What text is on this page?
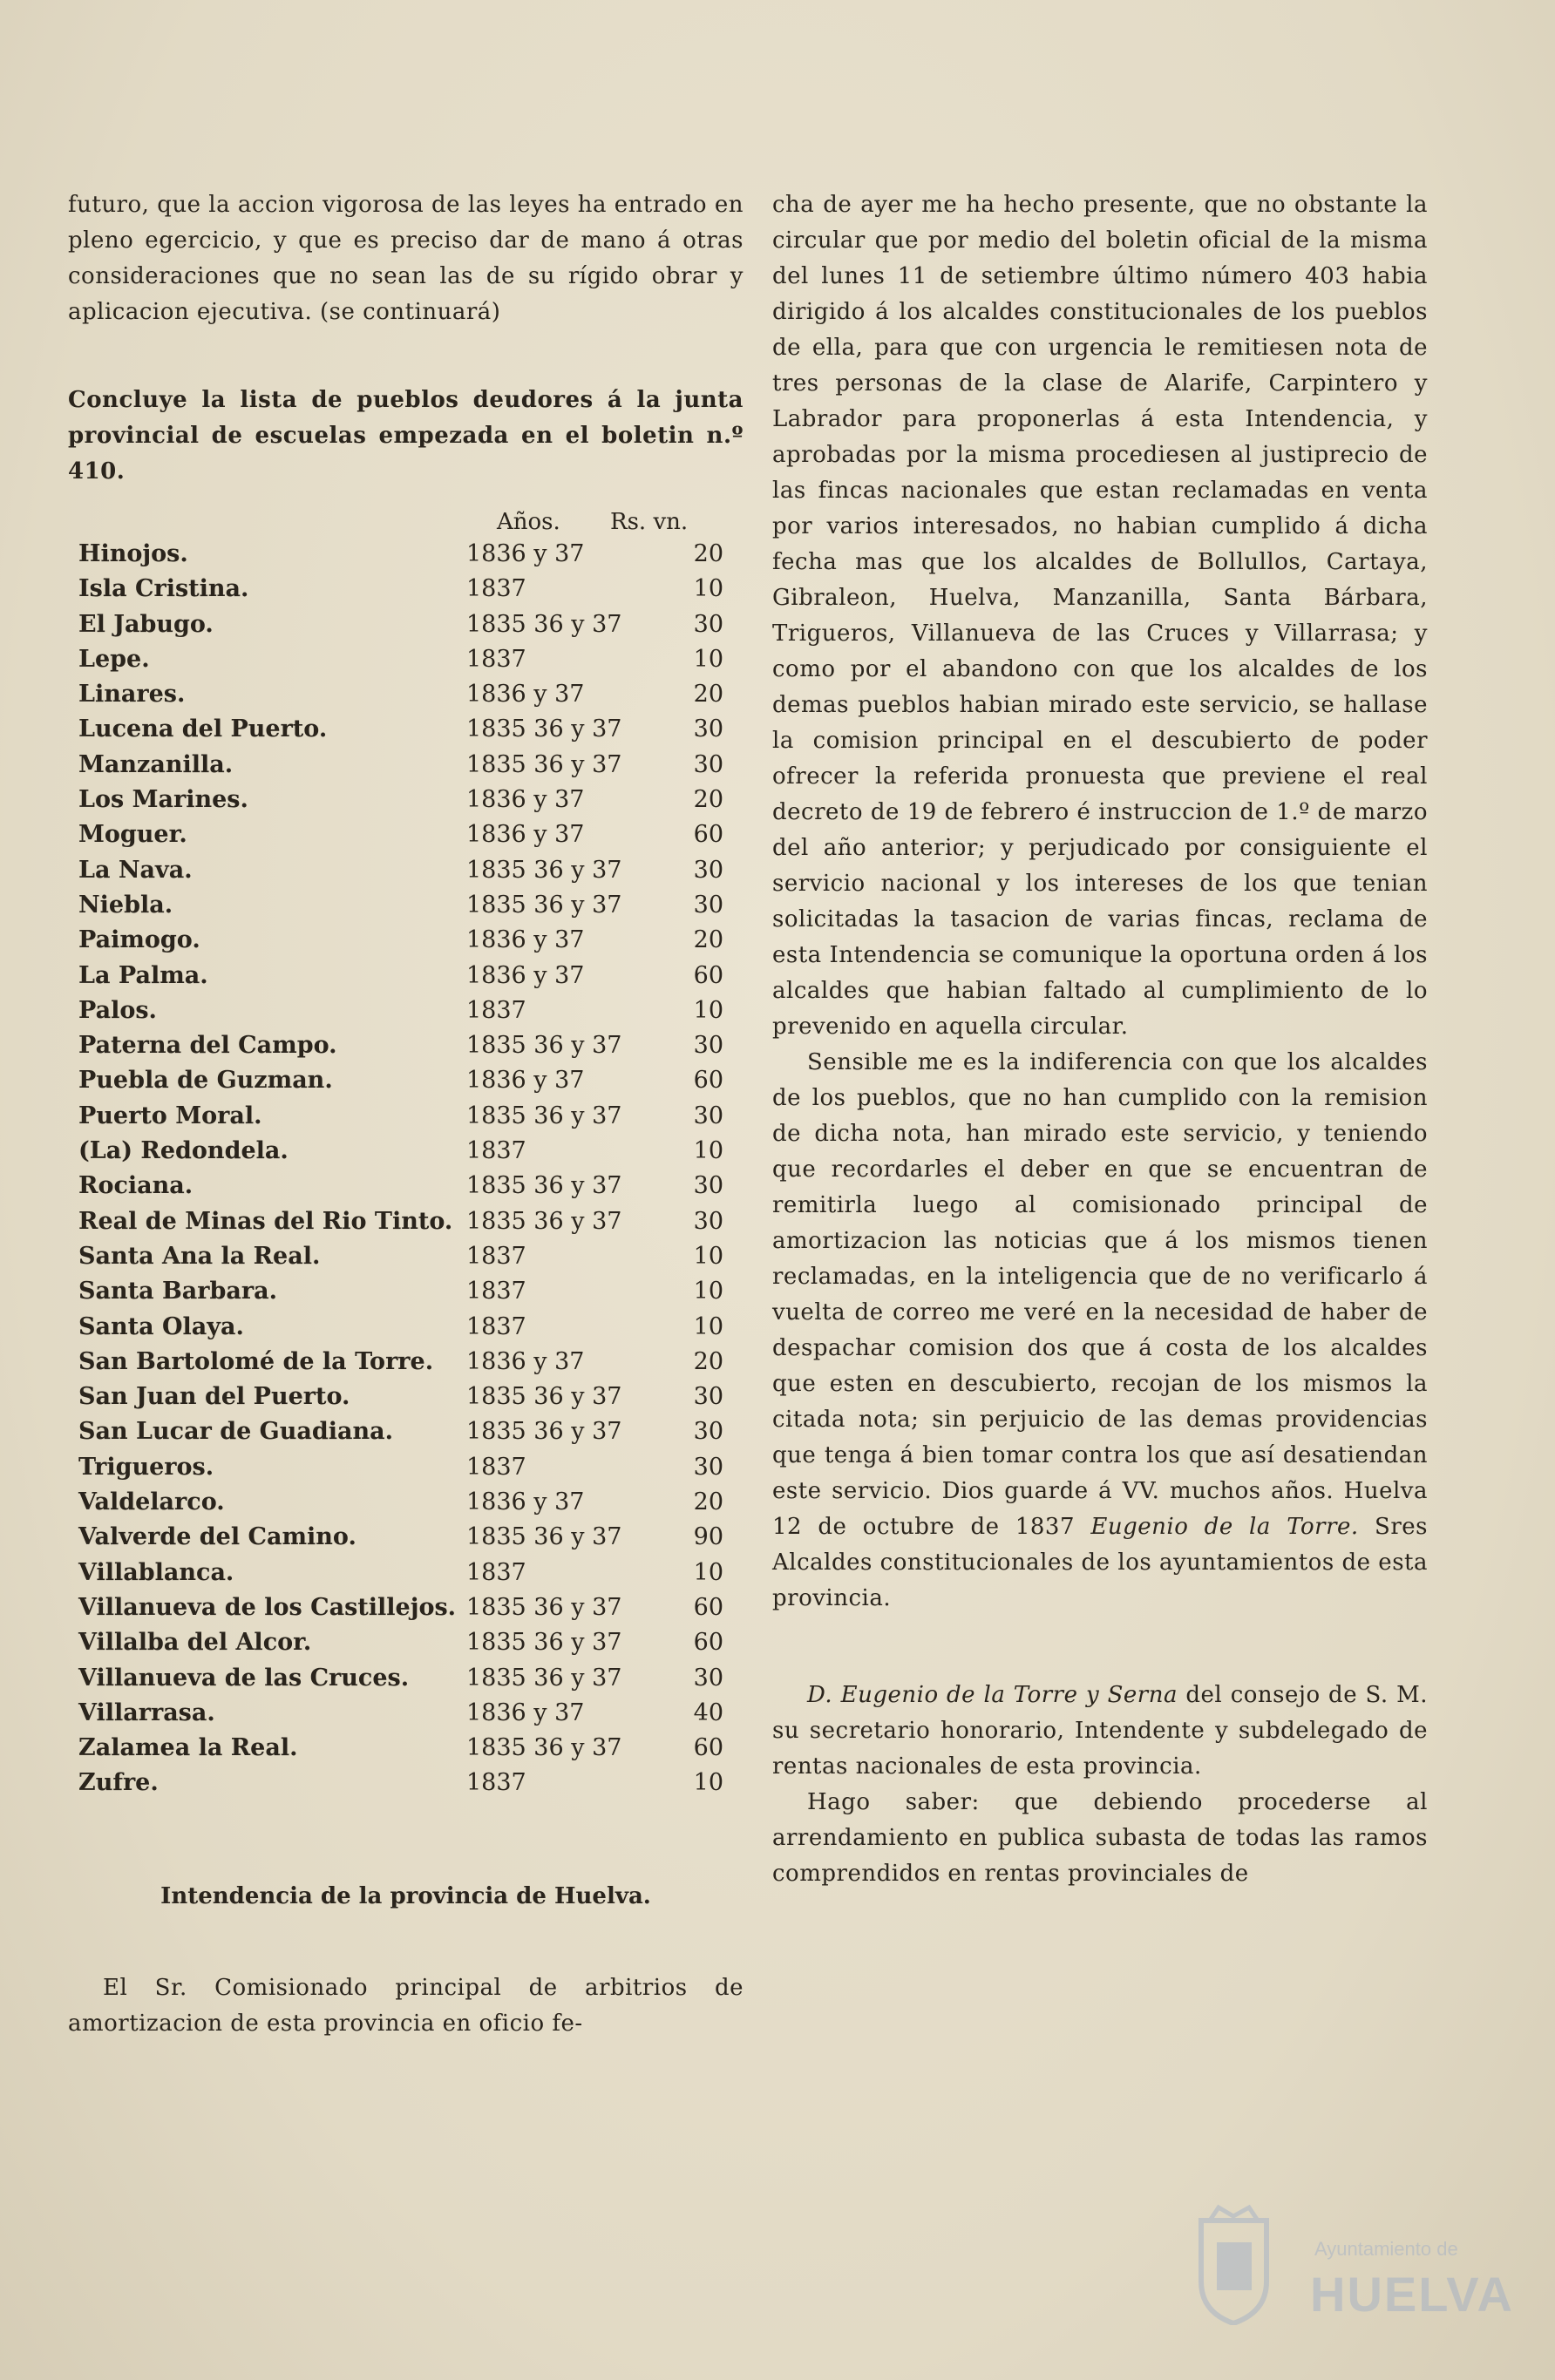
futuro, que la accion vigorosa de las leyes ha entrado en pleno egercicio, y que es preciso dar de mano á otras consideraciones que no sean las de su rígido obrar y aplicacion ejecutiva. (se continuará)

Concluye la lista de pueblos deudores á la junta provincial de escuelas empezada en el boletin n.º 410.

Años. Rs. vn.
Hinojos.	1836 y 37	20
Isla Cristina.	1837	10
El Jabugo.	1835 36 y 37	30
Lepe.	1837	10
Linares.	1836 y 37	20
Lucena del Puerto.	1835 36 y 37	30
Manzanilla.	1835 36 y 37	30
Los Marines.	1836 y 37	20
Moguer.	1836 y 37	60
La Nava.	1835 36 y 37	30
Niebla.	1835 36 y 37	30
Paimogo.	1836 y 37	20
La Palma.	1836 y 37	60
Palos.	1837	10
Paterna del Campo.	1835 36 y 37	30
Puebla de Guzman.	1836 y 37	60
Puerto Moral.	1835 36 y 37	30
(La) Redondela.	1837	10
Rociana.	1835 36 y 37	30
Real de Minas del Rio Tinto. 1835 36 y 37	30
Santa Ana la Real.	1837	10
Santa Barbara.	1837	10
Santa Olaya.	1837	10
San Bartolomé de la Torre. 1836 y 37	20
San Juan del Puerto.	1835 36 y 37	30
San Lucar de Guadiana.	1835 36 y 37	30
Trigueros.	1837	30
Valdelarco.	1836 y 37	20
Valverde del Camino.	1835 36 y 37	90
Villablanca.	1837	10
Villanueva de los Castillejos. 1835 36 y 37	60
Villalba del Alcor.	1835 36 y 37	60
Villanueva de las Cruces. 1835 36 y 37	30
Villarrasa.	1836 y 37	40
Zalamea la Real.	1835 36 y 37	60
Zufre.	1837	10
Intendencia de la provincia de Huelva.

El Sr. Comisionado principal de arbitrios de amortizacion de esta provincia en oficio fe-

cha de ayer me ha hecho presente, que no obstante la circular que por medio del boletin oficial de la misma del lunes 11 de setiembre último número 403 habia dirigido á los alcaldes constitucionales de los pueblos de ella, para que con urgencia le remitiesen nota de tres personas de la clase de Alarife, Carpintero y Labrador para proponerlas á esta Intendencia, y aprobadas por la misma procediesen al justiprecio de las fincas nacionales que estan reclamadas en venta por varios interesados, no habian cumplido á dicha fecha mas que los alcaldes de Bollullos, Cartaya, Gibraleon, Huelva, Manzanilla, Santa Bárbara, Trigueros, Villanueva de las Cruces y Villarrasa; y como por el abandono con que los alcaldes de los demas pueblos habian mirado este servicio, se hallase la comision principal en el descubierto de poder ofrecer la referida pronuesta que previene el real decreto de 19 de febrero é instruccion de 1.º de marzo del año anterior; y perjudicado por consiguiente el servicio nacional y los intereses de los que tenian solicitadas la tasacion de varias fincas, reclama de esta Intendencia se comunique la oportuna orden á los alcaldes que habian faltado al cumplimiento de lo prevenido en aquella circular.

Sensible me es la indiferencia con que los alcaldes de los pueblos, que no han cumplido con la remision de dicha nota, han mirado este servicio, y teniendo que recordarles el deber en que se encuentran de remitirla luego al comisionado principal de amortizacion las noticias que á los mismos tienen reclamadas, en la inteligencia que de no verificarlo á vuelta de correo me veré en la necesidad de haber de despachar comision dos que á costa de los alcaldes que esten en descubierto, recojan de los mismos la citada nota; sin perjuicio de las demas providencias que tenga á bien tomar contra los que así desatiendan este servicio. Dios guarde á VV. muchos años. Huelva 12 de octubre de 1837 Eugenio de la Torre. Sres Alcaldes constitucionales de los ayuntamientos de esta provincia.

D. Eugenio de la Torre y Serna del consejo de S. M. su secretario honorario, Intendente y subdelegado de rentas nacionales de esta provincia.

Hago saber: que debiendo procederse al arrendamiento en publica subasta de todas las ramos comprendidos en rentas provinciales de

Ayuntamiento de
HUELVA
